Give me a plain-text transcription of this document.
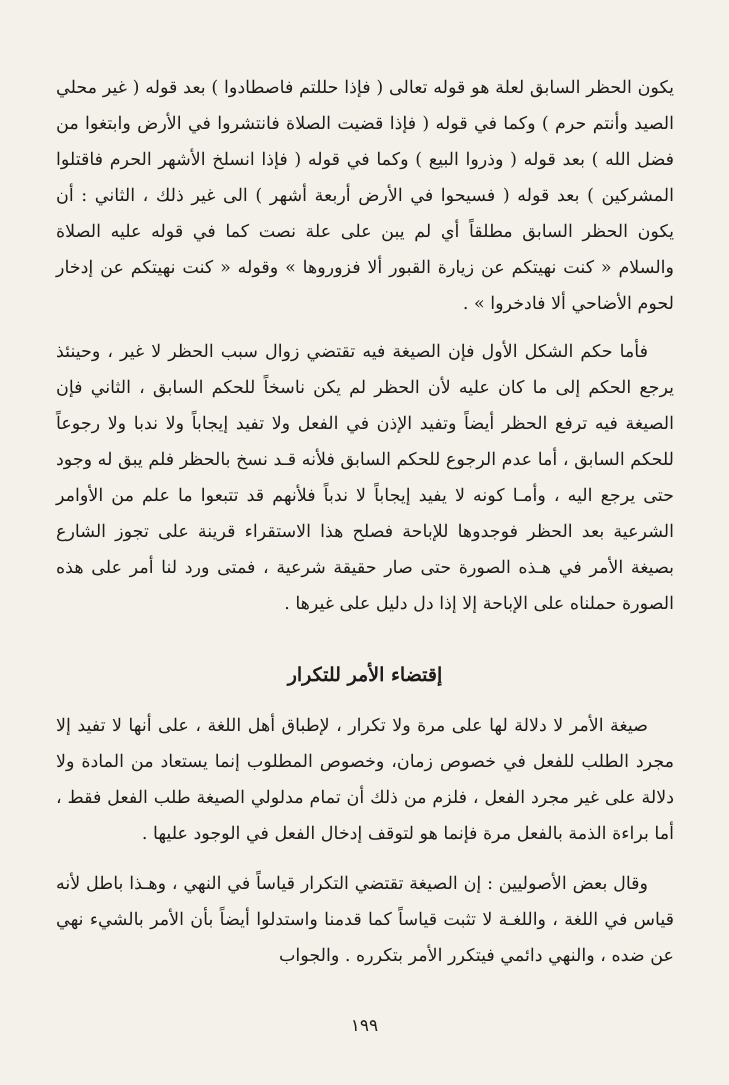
يكون الحظر السابق لعلة هو قوله تعالى ( فإذا حللتم فاصطادوا ) بعد قوله ( غير محلي الصيد وأنتم حرم ) وكما في قوله ( فإذا قضيت الصلاة فانتشروا في الأرض وابتغوا من فضل الله ) بعد قوله ( وذروا البيع ) وكما في قوله ( فإذا انسلخ الأشهر الحرم فاقتلوا المشركين ) بعد قوله ( فسيحوا في الأرض أربعة أشهر ) الى غير ذلك ، الثاني : أن يكون الحظر السابق مطلقاً أي لم يبن على علة نصت كما في قوله عليه الصلاة والسلام « كنت نهيتكم عن زيارة القبور ألا فزوروها » وقوله « كنت نهيتكم عن إدخار لحوم الأضاحي ألا فادخروا » .

فأما حكم الشكل الأول فإن الصيغة فيه تقتضي زوال سبب الحظر لا غير ، وحينئذ يرجع الحكم إلى ما كان عليه لأن الحظر لم يكن ناسخاً للحكم السابق ، الثاني فإن الصيغة فيه ترفع الحظر أيضاً وتفيد الإذن في الفعل ولا تفيد إيجاباً ولا ندبا ولا رجوعاً للحكم السابق ، أما عدم الرجوع للحكم السابق فلأنه قـد نسخ بالحظر فلم يبق له وجود حتى يرجع اليه ، وأمـا كونه لا يفيد إيجاباً لا ندباً فلأنهم قد تتبعوا ما علم من الأوامر الشرعية بعد الحظر فوجدوها للإباحة فصلح هذا الاستقراء قرينة على تجوز الشارع بصيغة الأمر في هـذه الصورة حتى صار حقيقة شرعية ، فمتى ورد لنا أمر على هذه الصورة حملناه على الإباحة إلا إذا دل دليل على غيرها .

إقتضاء الأمر للتكرار

صيغة الأمر لا دلالة لها على مرة ولا تكرار ، لإطباق أهل اللغة ، على أنها لا تفيد إلا مجرد الطلب للفعل في خصوص زمان، وخصوص المطلوب إنما يستعاد من المادة ولا دلالة على غير مجرد الفعل ، فلزم من ذلك أن تمام مدلولي الصيغة طلب الفعل فقط ، أما براءة الذمة بالفعل مرة فإنما هو لتوقف إدخال الفعل في الوجود عليها .

وقال بعض الأصوليين : إن الصيغة تقتضي التكرار قياساً في النهي ، وهـذا باطل لأنه قياس في اللغة ، واللغـة لا تثبت قياساً كما قدمنا واستدلوا أيضاً بأن الأمر بالشيء نهي عن ضده ، والنهي دائمي فيتكرر الأمر بتكرره . والجواب

١٩٩
